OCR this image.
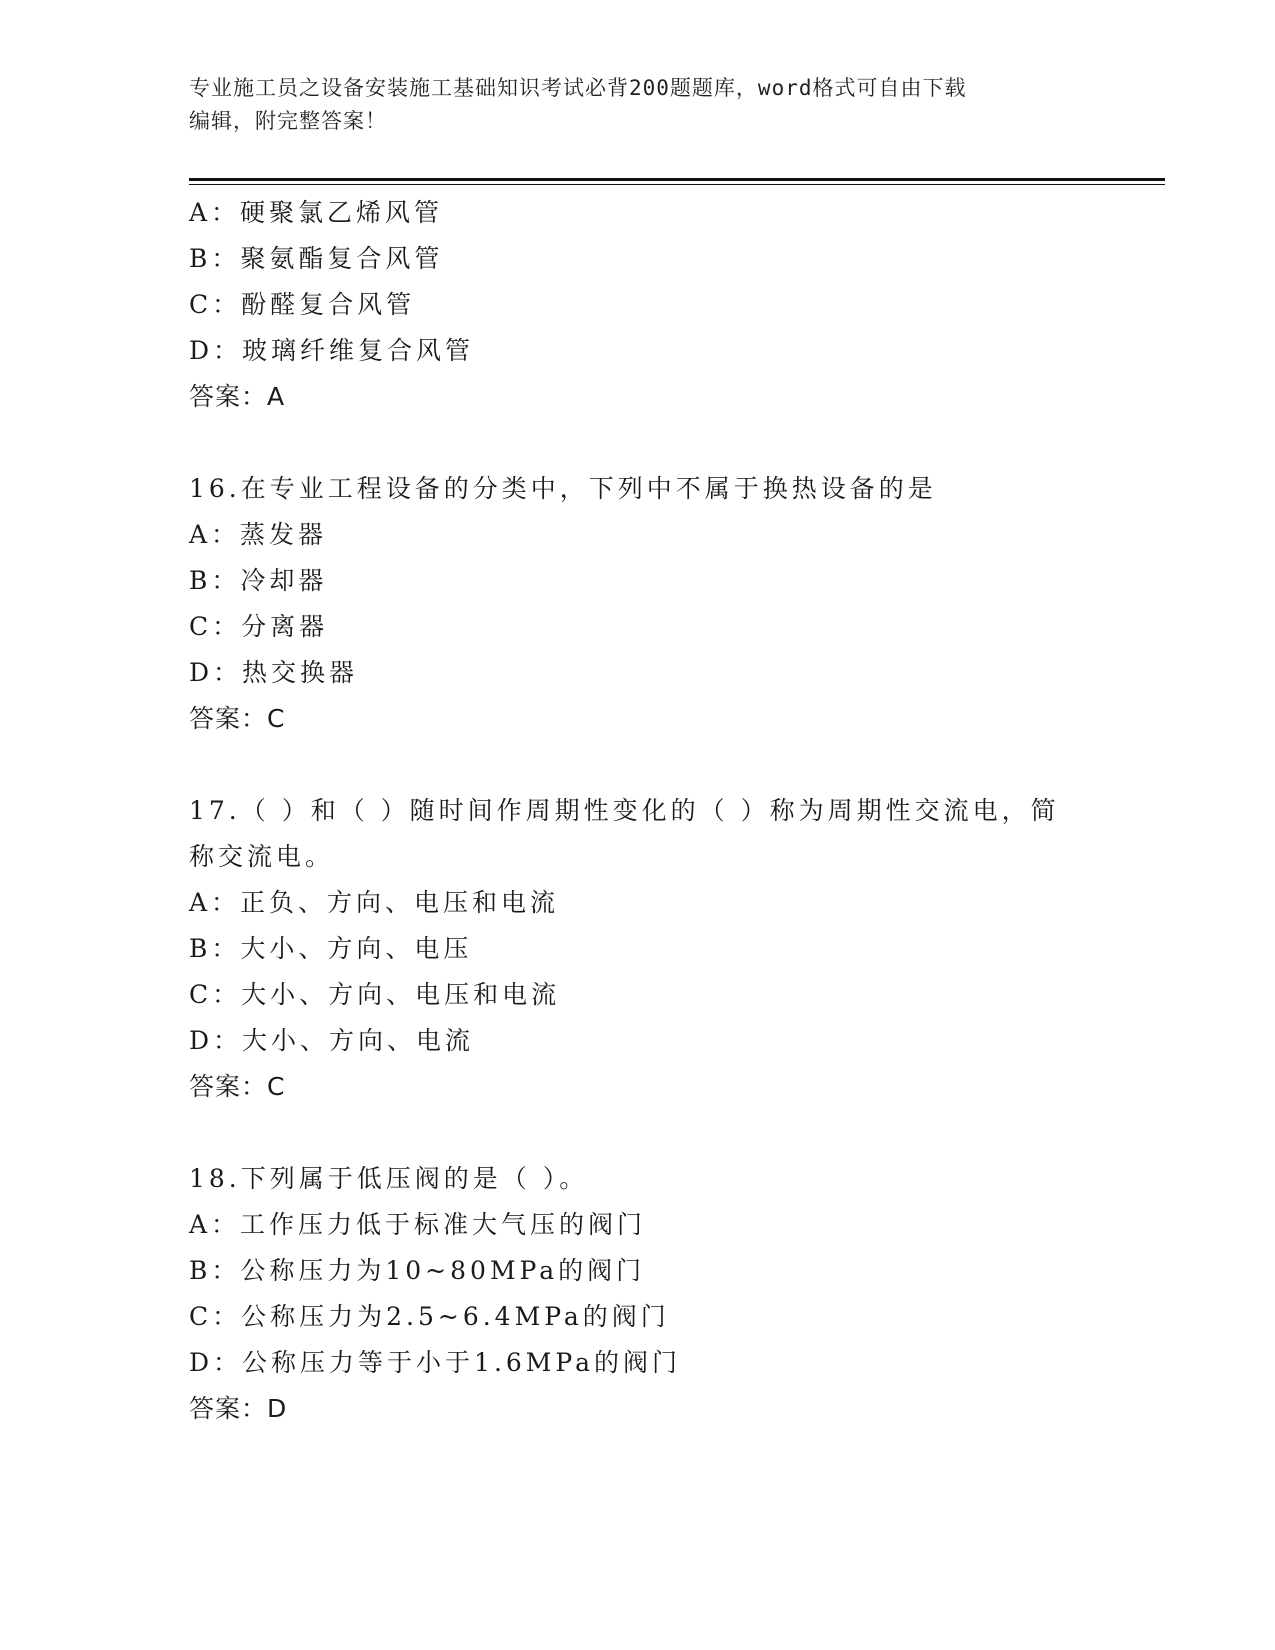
专业施工员之设备安装施工基础知识考试必背200题题库，word格式可自由下载
编辑，附完整答案！
A：硬聚氯乙烯风管
B：聚氨酯复合风管
C：酚醛复合风管
D：玻璃纤维复合风管
答案：A
16.在专业工程设备的分类中，下列中不属于换热设备的是
A：蒸发器
B：冷却器
C：分离器
D：热交换器
答案：C
17.（ ）和（ ）随时间作周期性变化的（ ）称为周期性交流电，简
称交流电。
A：正负、方向、电压和电流
B：大小、方向、电压
C：大小、方向、电压和电流
D：大小、方向、电流
答案：C
18.下列属于低压阀的是（ ）。
A：工作压力低于标准大气压的阀门
B：公称压力为10~80MPa的阀门
C：公称压力为2.5~6.4MPa的阀门
D：公称压力等于小于1.6MPa的阀门
答案：D
